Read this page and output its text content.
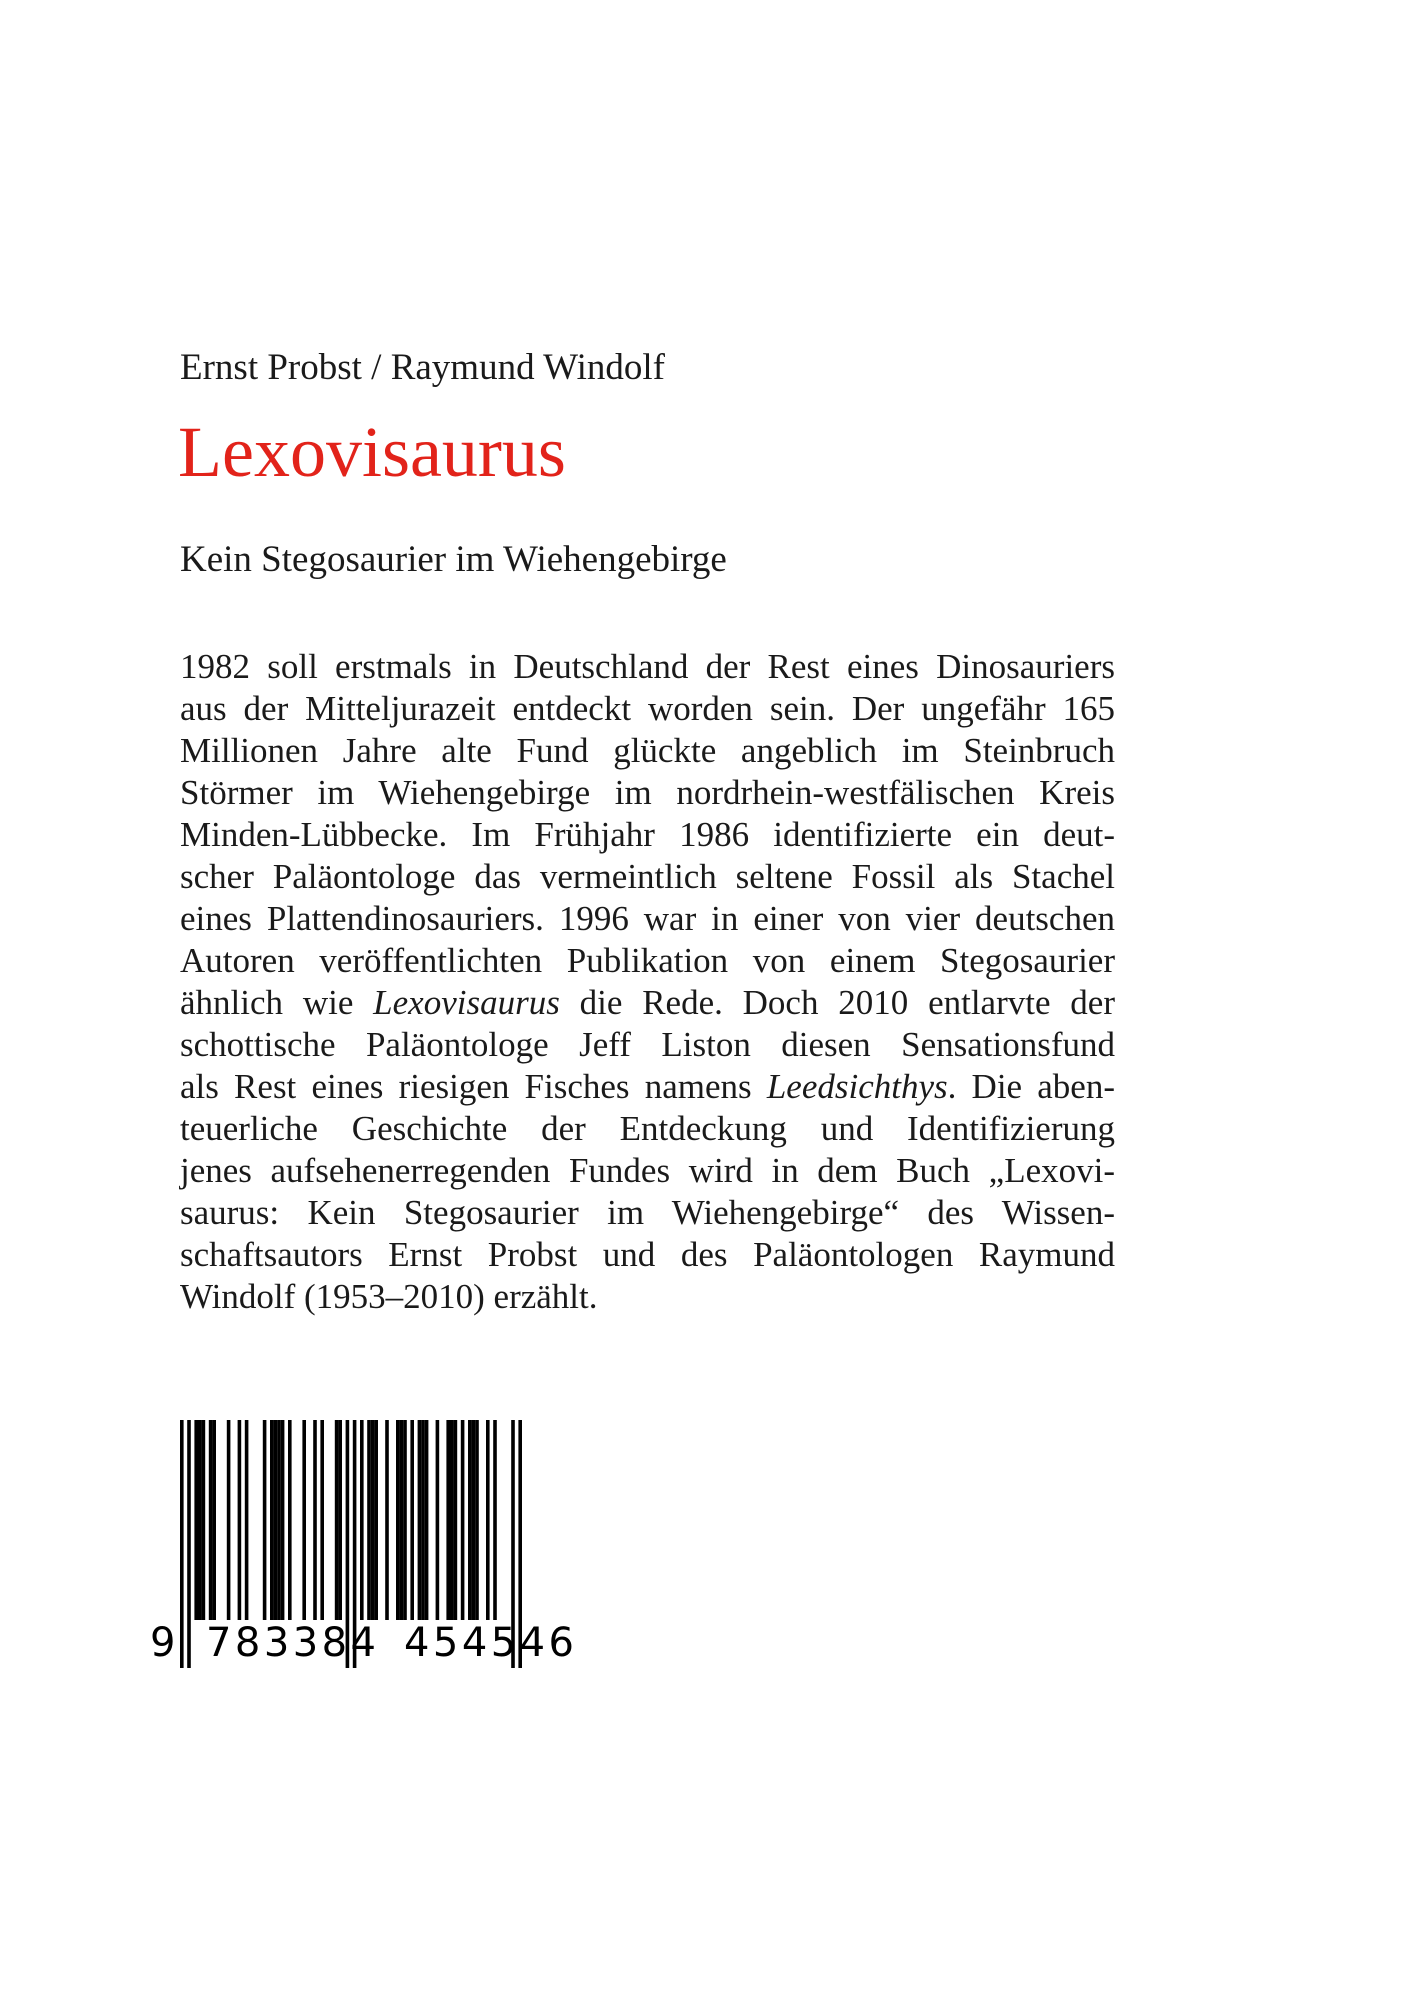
Ernst Probst / Raymund Windolf
Lexovisaurus
Kein Stegosaurier im Wiehengebirge
1982 soll erstmals in Deutschland der Rest eines Dinosauriers
aus der Mitteljurazeit entdeckt worden sein. Der ungefähr 165
Millionen Jahre alte Fund glückte angeblich im Steinbruch
Störmer im Wiehengebirge im nordrhein-westfälischen Kreis
Minden-Lübbecke. Im Frühjahr 1986 identifizierte ein deut-
scher Paläontologe das vermeintlich seltene Fossil als Stachel
eines Plattendinosauriers. 1996 war in einer von vier deutschen
Autoren veröffentlichten Publikation von einem Stegosaurier
ähnlich wie Lexovisaurus die Rede. Doch 2010 entlarvte der
schottische Paläontologe Jeff Liston diesen Sensationsfund
als Rest eines riesigen Fisches namens Leedsichthys. Die aben-
teuerliche Geschichte der Entdeckung und Identifizierung
jenes aufsehenerregenden Fundes wird in dem Buch „Lexovi-
saurus: Kein Stegosaurier im Wiehengebirge“ des Wissen-
schaftsautors Ernst Probst und des Paläontologen Raymund
Windolf (1953–2010) erzählt.
9 783384 454546
